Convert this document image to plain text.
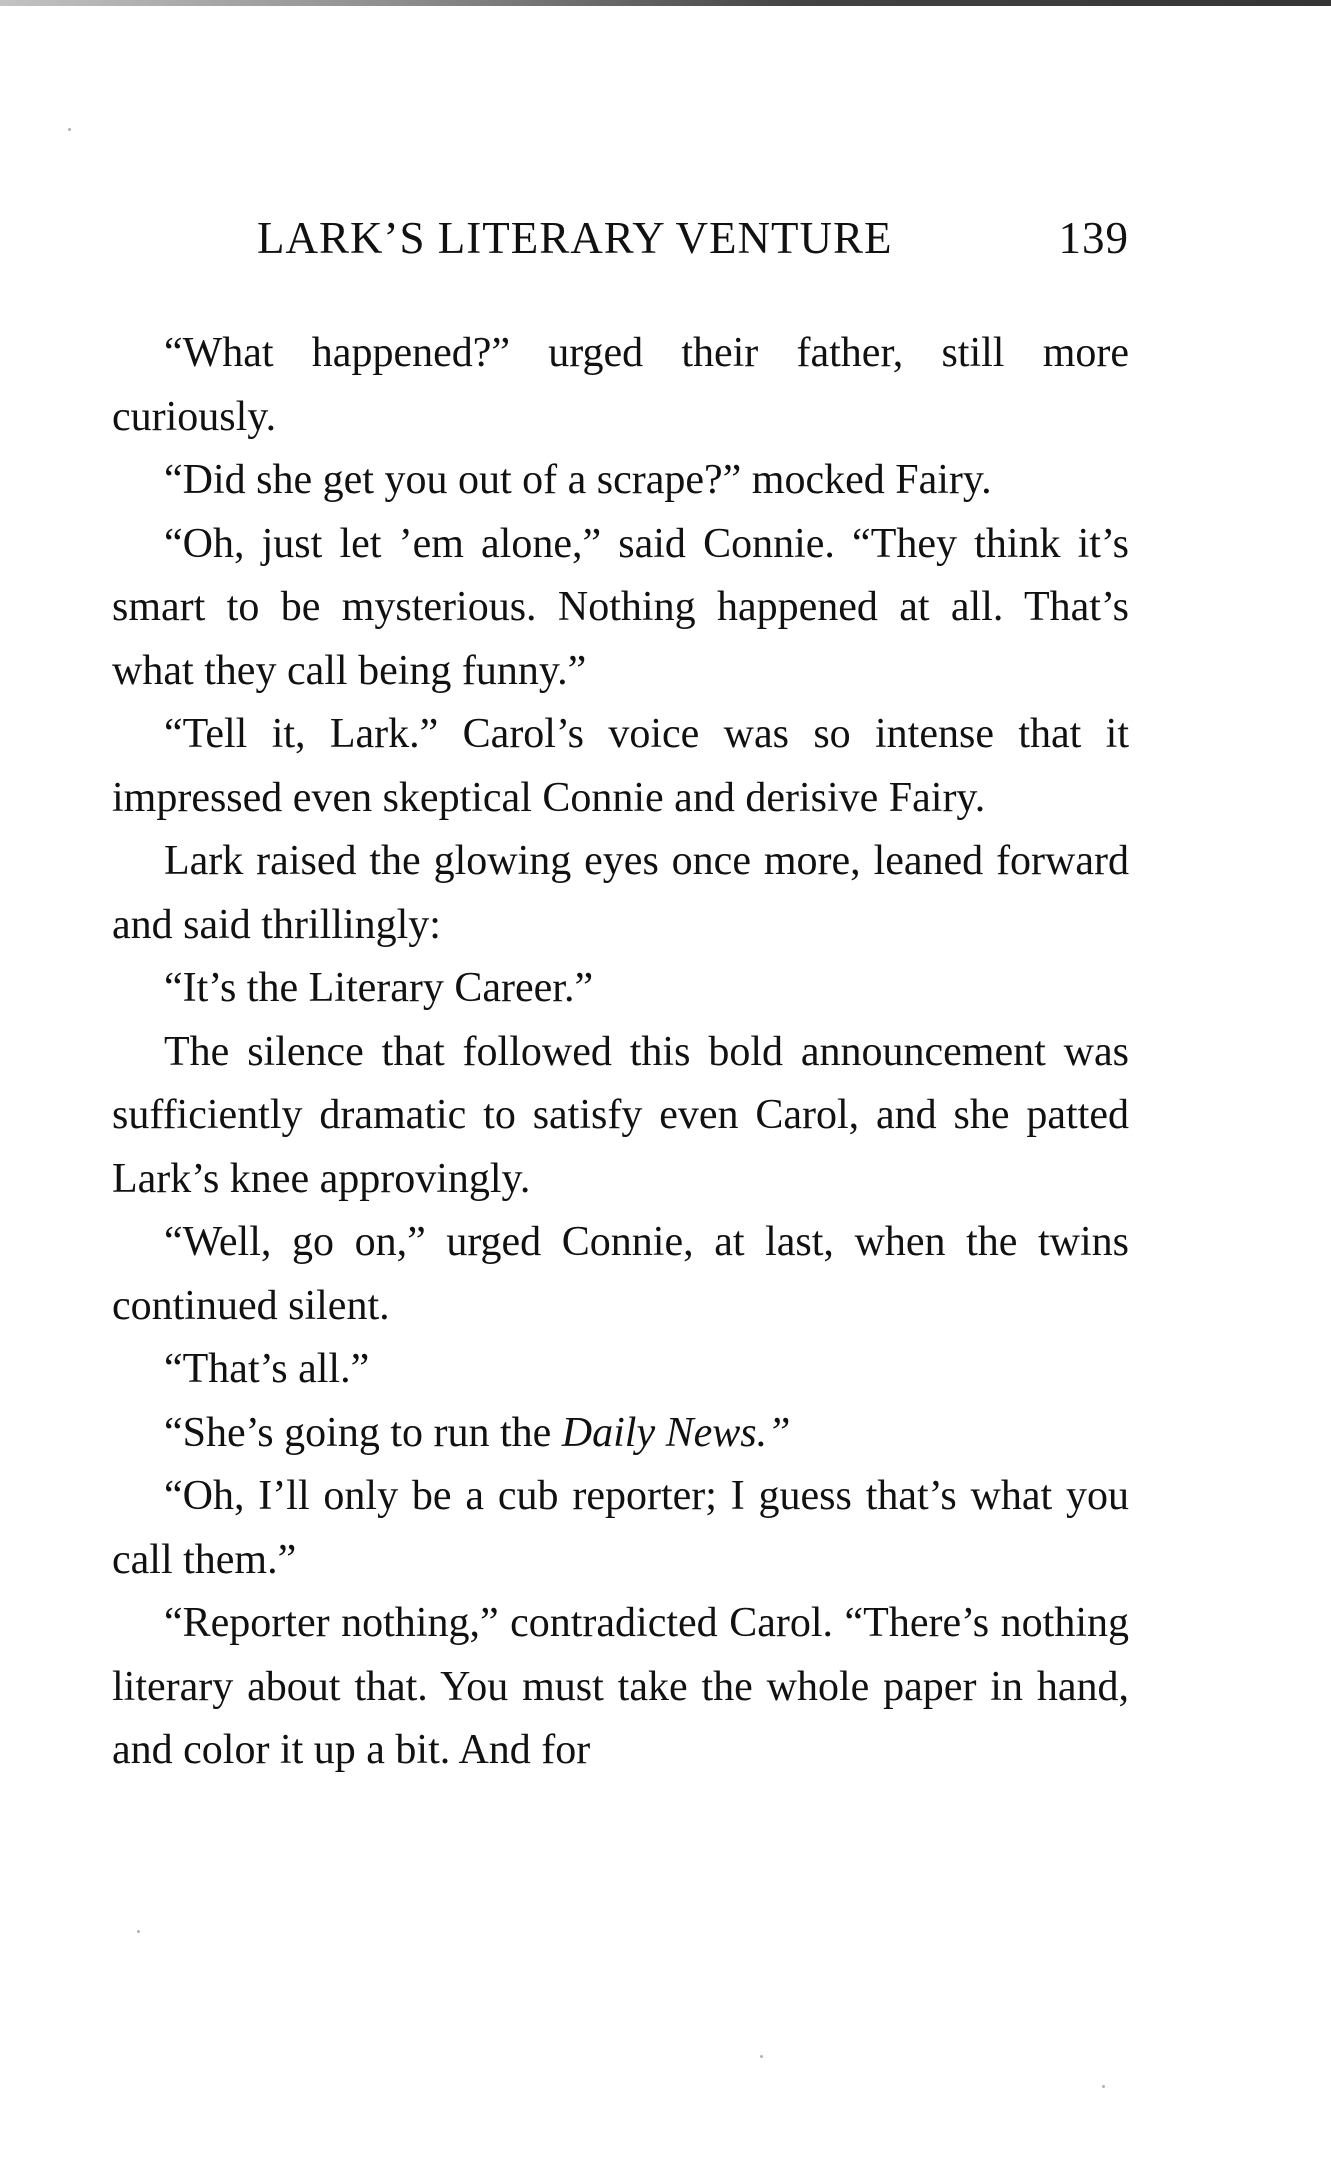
LARK’S LITERARY VENTURE	139

“What happened?” urged their father, still more curiously.

“Did she get you out of a scrape?” mocked Fairy.

“Oh, just let ’em alone,” said Connie. “They think it’s smart to be mysterious. Nothing happened at all. That’s what they call being funny.”

“Tell it, Lark.” Carol’s voice was so intense that it impressed even skeptical Connie and derisive Fairy.

Lark raised the glowing eyes once more, leaned forward and said thrillingly:

“It’s the Literary Career.”

The silence that followed this bold announcement was sufficiently dramatic to satisfy even Carol, and she patted Lark’s knee approvingly.

“Well, go on,” urged Connie, at last, when the twins continued silent.

“That’s all.”

“She’s going to run the Daily News.”

“Oh, I’ll only be a cub reporter; I guess that’s what you call them.”

“Reporter nothing,” contradicted Carol. “There’s nothing literary about that. You must take the whole paper in hand, and color it up a bit. And for
